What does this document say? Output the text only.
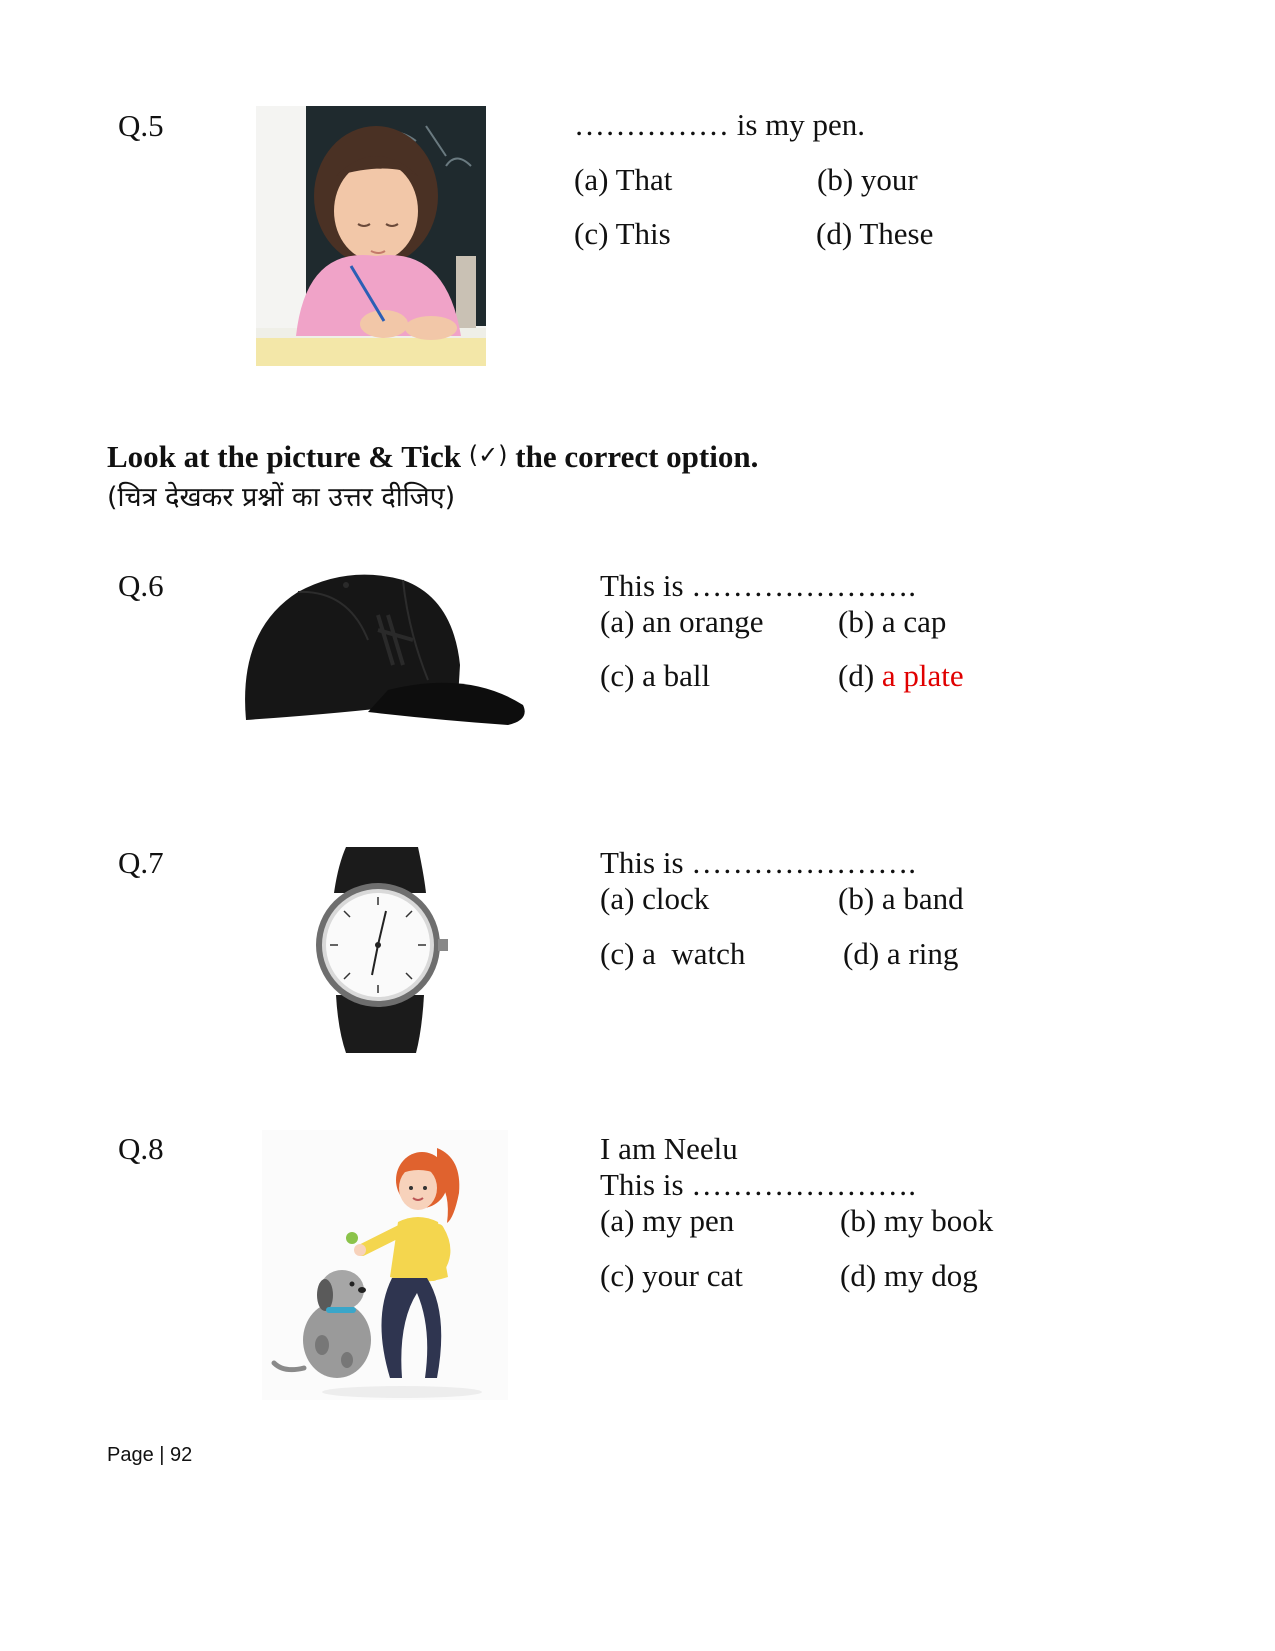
Q.5	…………… is my pen.
(a) That	(b) your
(c) This	(d) These
Look at the picture & Tick (✓) the correct option.
(चित्र देखकर प्रश्नों का उत्तर दीजिए)
Q.6	This is ………………….
(a) an orange (b) a cap
(c) a ball	(d) a plate
Q.7	This is ………………….
(a) clock	(b) a band
(c) a  watch	(d) a ring
Q.8	I am Neelu
This is ………………….
(a) my pen	(b) my book
(c) your cat	(d) my dog
Page | 92
